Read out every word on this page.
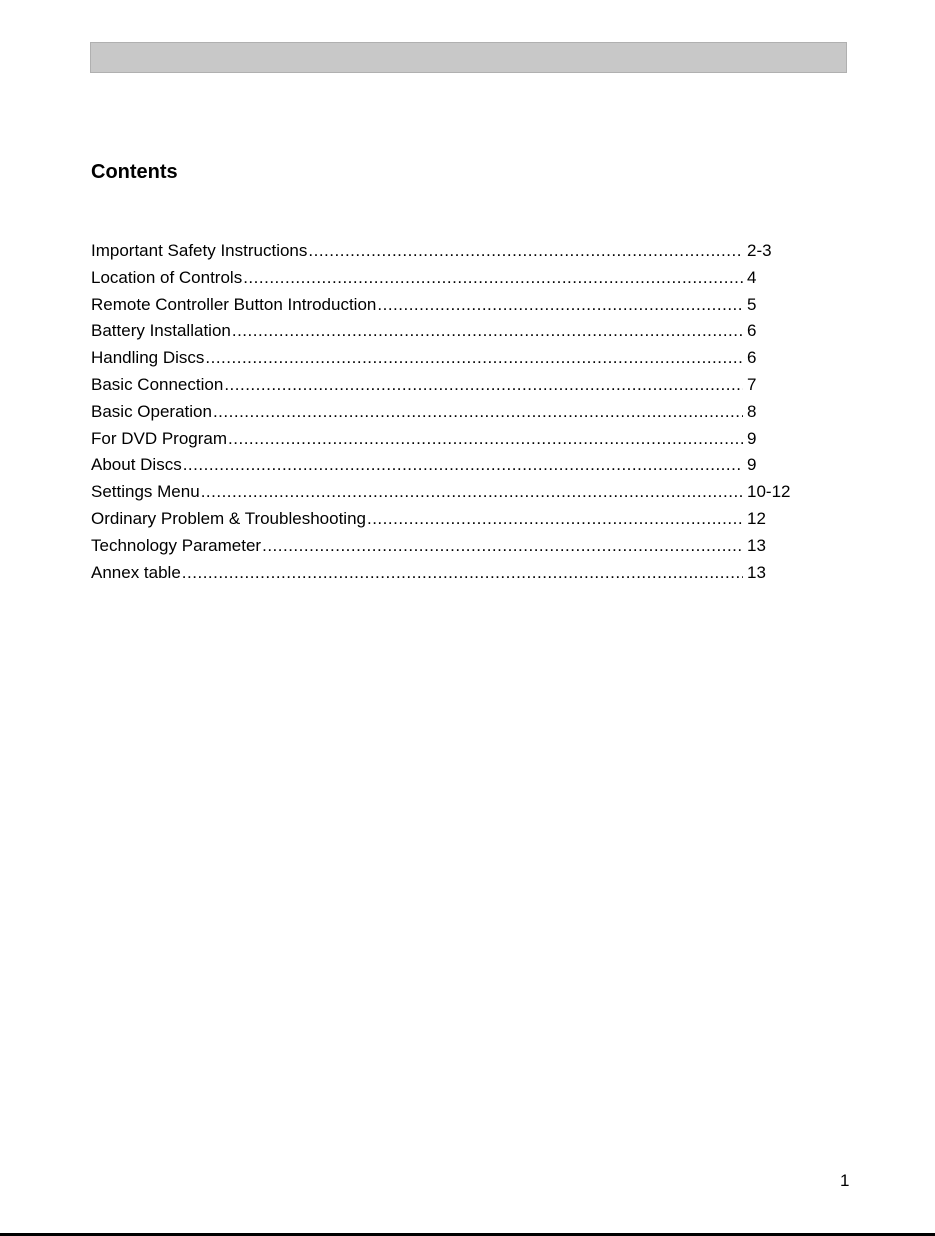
Contents
Important Safety Instructions .....	2-3
Location of Controls .....	4
Remote Controller Button Introduction .....	5
Battery Installation .....	6
Handling Discs .....	6
Basic Connection .....	7
Basic Operation .....	8
For DVD Program .....	9
About Discs .....	9
Settings Menu .....	10-12
Ordinary Problem & Troubleshooting .....	12
Technology Parameter .....	13
Annex table .....	13
1
